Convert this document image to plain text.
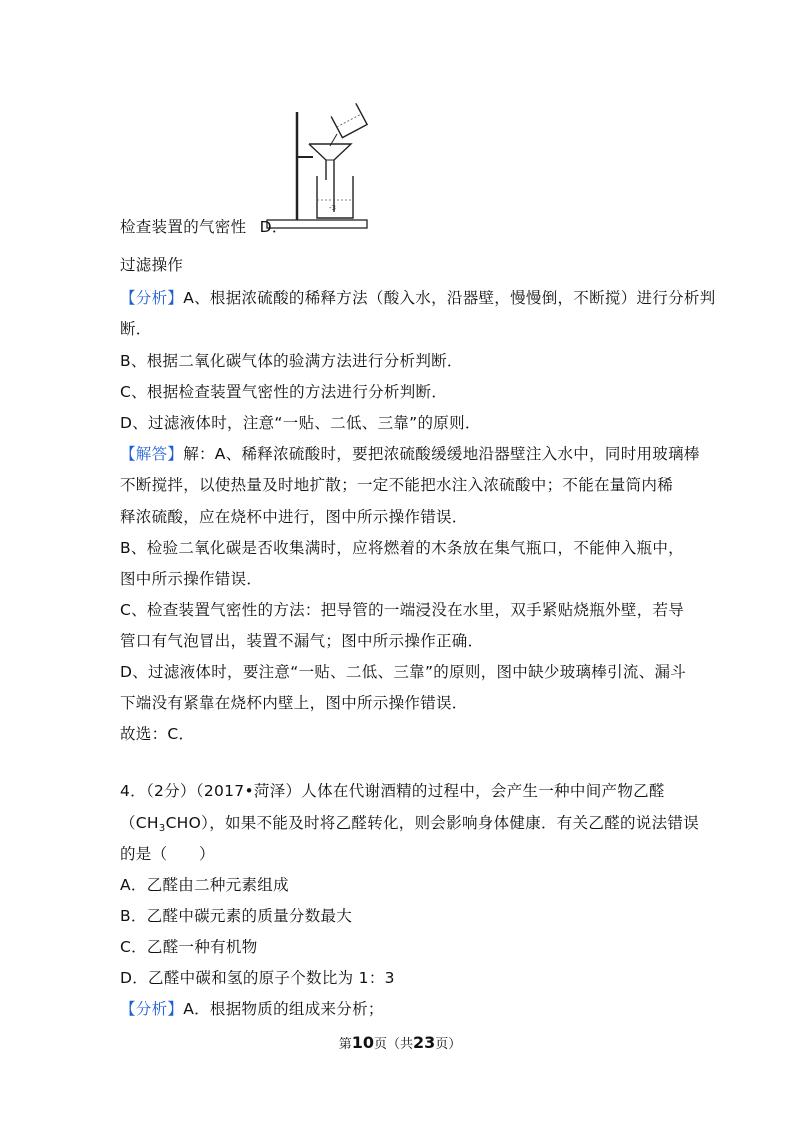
-3
检查装置的气密性 D．
过滤操作
【分析】A、根据浓硫酸的稀释方法（酸入水，沿器壁，慢慢倒，不断搅）进行分析判
断．
B、根据二氧化碳气体的验满方法进行分析判断．
C、根据检查装置气密性的方法进行分析判断．
D、过滤液体时，注意“一贴、二低、三靠”的原则．
【解答】解：A、稀释浓硫酸时，要把浓硫酸缓缓地沿器壁注入水中，同时用玻璃棒
不断搅拌，以使热量及时地扩散；一定不能把水注入浓硫酸中；不能在量筒内稀
释浓硫酸，应在烧杯中进行，图中所示操作错误．
B、检验二氧化碳是否收集满时，应将燃着的木条放在集气瓶口，不能伸入瓶中，
图中所示操作错误．
C、检查装置气密性的方法：把导管的一端浸没在水里，双手紧贴烧瓶外壁，若导
管口有气泡冒出，装置不漏气；图中所示操作正确．
D、过滤液体时，要注意“一贴、二低、三靠”的原则，图中缺少玻璃棒引流、漏斗
下端没有紧靠在烧杯内壁上，图中所示操作错误．
故选：C．
4．（2分）（2017•菏泽）人体在代谢酒精的过程中，会产生一种中间产物乙醛
$(CH_3CHO)$，如果不能及时将乙醛转化，则会影响身体健康．有关乙醛的说法错误
的是（　　）
A．乙醛由二种元素组成
B．乙醛中碳元素的质量分数最大
C．乙醛一种有机物
D．乙醛中碳和氢的原子个数比为 1：3
【分析】A．根据物质的组成来分析；
第10页（共23页）
